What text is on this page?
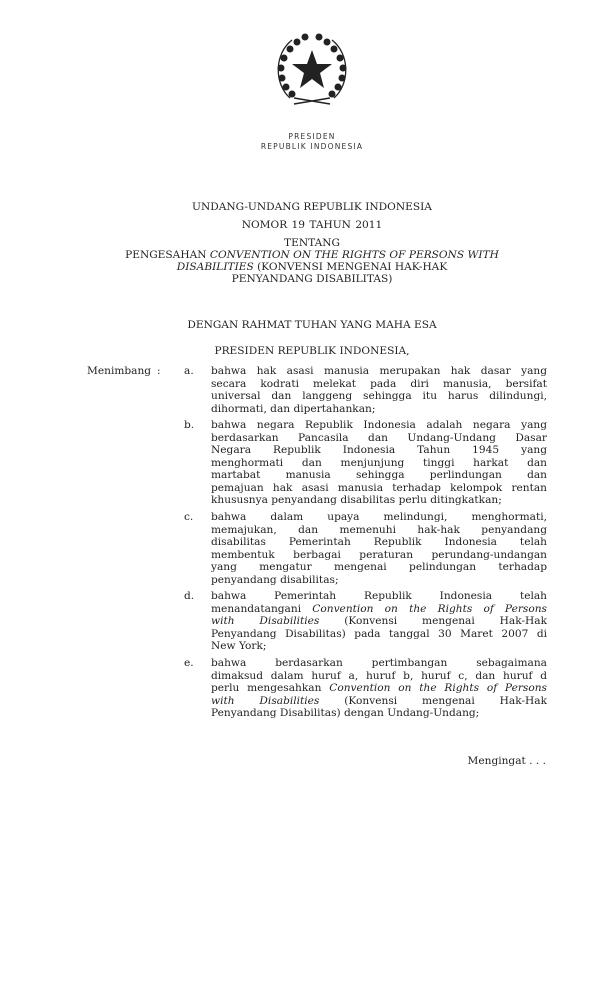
PRESIDEN
REPUBLIK INDONESIA
UNDANG-UNDANG REPUBLIK INDONESIA
NOMOR 19 TAHUN 2011
TENTANG
PENGESAHAN CONVENTION ON THE RIGHTS OF PERSONS WITH
DISABILITIES (KONVENSI MENGENAI HAK-HAK
PENYANDANG DISABILITAS)
DENGAN RAHMAT TUHAN YANG MAHA ESA
PRESIDEN REPUBLIK INDONESIA,
Menimbang : a.	bahwa hak asasi manusia merupakan hak dasar yang
secara kodrati melekat pada diri manusia, bersifat
universal dan langgeng sehingga itu harus dilindungi,
dihormati, dan dipertahankan;
b.	bahwa negara Republik Indonesia adalah negara yang
berdasarkan Pancasila dan Undang-Undang Dasar
Negara Republik Indonesia Tahun 1945 yang
menghormati dan menjunjung tinggi harkat dan
martabat manusia sehingga perlindungan dan
pemajuan hak asasi manusia terhadap kelompok rentan
khususnya penyandang disabilitas perlu ditingkatkan;
c.	bahwa dalam upaya melindungi, menghormati,
memajukan, dan memenuhi hak-hak penyandang
disabilitas Pemerintah Republik Indonesia telah
membentuk berbagai peraturan perundang-undangan
yang mengatur mengenai pelindungan terhadap
penyandang disabilitas;
d.	bahwa Pemerintah Republik Indonesia telah
menandatangani Convention on the Rights of Persons
with Disabilities (Konvensi mengenai Hak-Hak
Penyandang Disabilitas) pada tanggal 30 Maret 2007 di
New York;
e.	bahwa berdasarkan pertimbangan sebagaimana
dimaksud dalam huruf a, huruf b, huruf c, dan huruf d
perlu mengesahkan Convention on the Rights of Persons
with Disabilities (Konvensi mengenai Hak-Hak
Penyandang Disabilitas) dengan Undang-Undang;
Mengingat . . .
